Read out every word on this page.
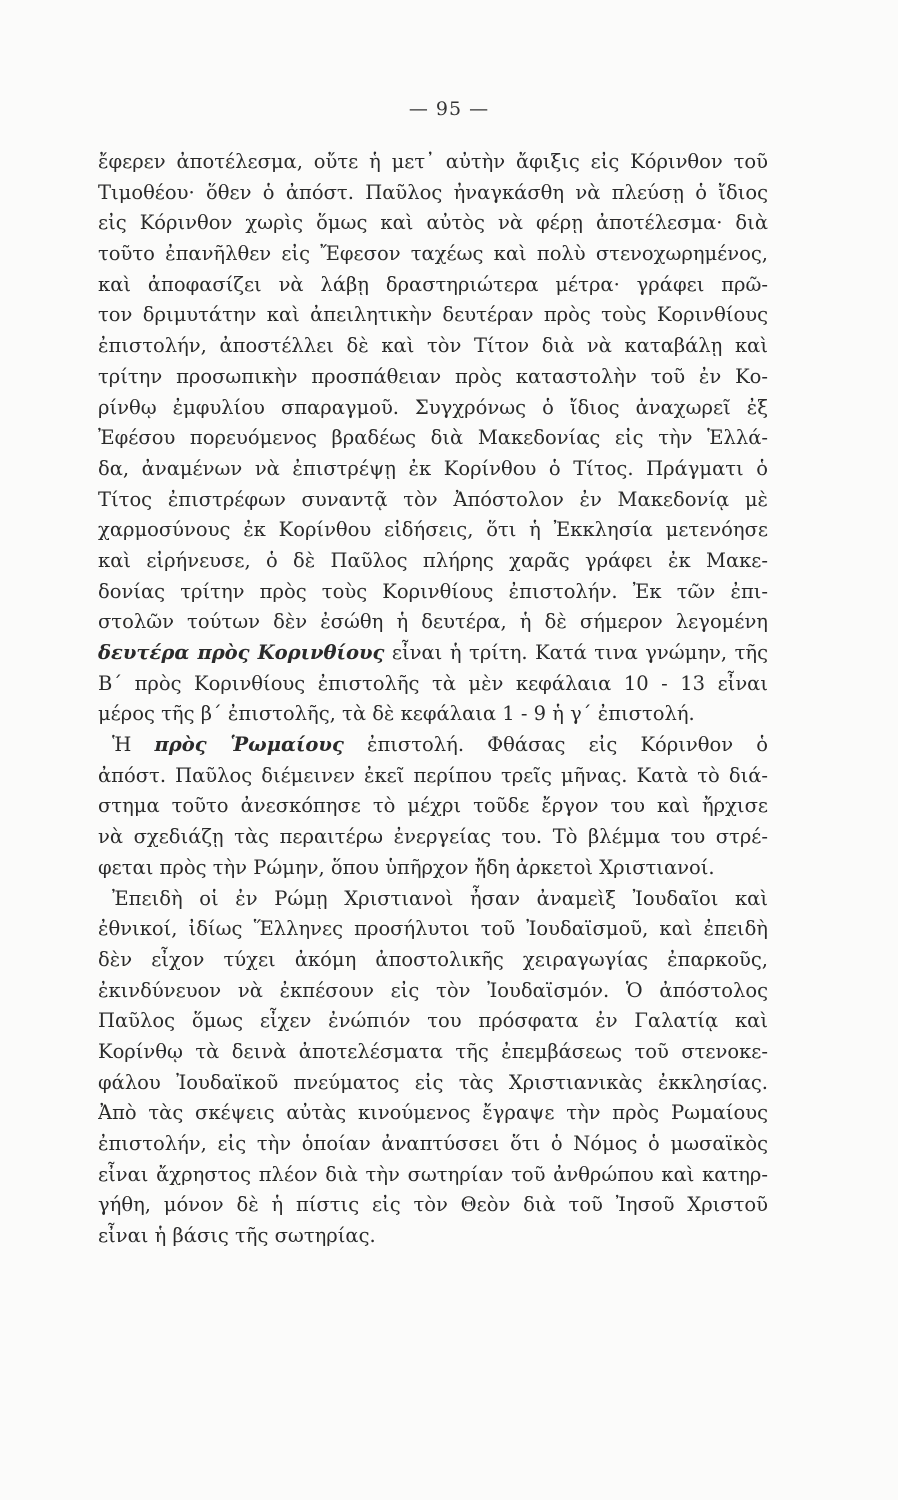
— 95 —
ἔφερεν ἀποτέλεσμα, οὔτε ἡ μετ᾽ αὐτὴν ἄφιξις εἰς Κόρινθον τοῦ
Τιμοθέου· ὅθεν ὁ ἀπόστ. Παῦλος ἠναγκάσθη νὰ πλεύσῃ ὁ ἴδιος
εἰς Κόρινθον χωρὶς ὅμως καὶ αὐτὸς νὰ φέρῃ ἀποτέλεσμα· διὰ
τοῦτο ἐπανῆλθεν εἰς Ἔφεσον ταχέως καὶ πολὺ στενοχωρημένος,
καὶ ἀποφασίζει νὰ λάβῃ δραστηριώτερα μέτρα· γράφει πρῶ-
τον δριμυτάτην καὶ ἀπειλητικὴν δευτέραν πρὸς τοὺς Κορινθίους
ἐπιστολήν, ἀποστέλλει δὲ καὶ τὸν Τίτον διὰ νὰ καταβάλῃ καὶ
τρίτην προσωπικὴν προσπάθειαν πρὸς καταστολὴν τοῦ ἐν Κο-
ρίνθῳ ἐμφυλίου σπαραγμοῦ. Συγχρόνως ὁ ἴδιος ἀναχωρεῖ ἐξ
Ἐφέσου πορευόμενος βραδέως διὰ Μακεδονίας εἰς τὴν Ἑλλά-
δα, ἀναμένων νὰ ἐπιστρέψῃ ἐκ Κορίνθου ὁ Τίτος. Πράγματι ὁ
Τίτος ἐπιστρέφων συναντᾷ τὸν Ἀπόστολον ἐν Μακεδονίᾳ μὲ
χαρμοσύνους ἐκ Κορίνθου εἰδήσεις, ὅτι ἡ Ἐκκλησία μετενόησε
καὶ εἰρήνευσε, ὁ δὲ Παῦλος πλήρης χαρᾶς γράφει ἐκ Μακε-
δονίας τρίτην πρὸς τοὺς Κορινθίους ἐπιστολήν. Ἐκ τῶν ἐπι-
στολῶν τούτων δὲν ἐσώθη ἡ δευτέρα, ἡ δὲ σήμερον λεγομένη
δευτέρα πρὸς Κορινθίους εἶναι ἡ τρίτη. Κατά τινα γνώμην, τῆς
Β΄ πρὸς Κορινθίους ἐπιστολῆς τὰ μὲν κεφάλαια 10 - 13 εἶναι
μέρος τῆς β΄ ἐπιστολῆς, τὰ δὲ κεφάλαια 1 - 9 ἡ γ΄ ἐπιστολή.
Ἡ πρὸς Ῥωμαίους ἐπιστολή. Φθάσας εἰς Κόρινθον ὁ
ἀπόστ. Παῦλος διέμεινεν ἐκεῖ περίπου τρεῖς μῆνας. Κατὰ τὸ διά-
στημα τοῦτο ἀνεσκόπησε τὸ μέχρι τοῦδε ἔργον του καὶ ἤρχισε
νὰ σχεδιάζῃ τὰς περαιτέρω ἐνεργείας του. Τὸ βλέμμα του στρέ-
φεται πρὸς τὴν Ρώμην, ὅπου ὑπῆρχον ἤδη ἀρκετοὶ Χριστιανοί.
Ἐπειδὴ οἱ ἐν Ρώμῃ Χριστιανοὶ ἦσαν ἀναμεὶξ Ἰουδαῖοι καὶ
ἐθνικοί, ἰδίως Ἕλληνες προσήλυτοι τοῦ Ἰουδαϊσμοῦ, καὶ ἐπειδὴ
δὲν εἶχον τύχει ἀκόμη ἀποστολικῆς χειραγωγίας ἐπαρκοῦς,
ἐκινδύνευον νὰ ἐκπέσουν εἰς τὸν Ἰουδαϊσμόν. Ὁ ἀπόστολος
Παῦλος ὅμως εἶχεν ἐνώπιόν του πρόσφατα ἐν Γαλατίᾳ καὶ
Κορίνθῳ τὰ δεινὰ ἀποτελέσματα τῆς ἐπεμβάσεως τοῦ στενοκε-
φάλου Ἰουδαϊκοῦ πνεύματος εἰς τὰς Χριστιανικὰς ἐκκλησίας.
Ἀπὸ τὰς σκέψεις αὐτὰς κινούμενος ἔγραψε τὴν πρὸς Ρωμαίους
ἐπιστολήν, εἰς τὴν ὁποίαν ἀναπτύσσει ὅτι ὁ Νόμος ὁ μωσαϊκὸς
εἶναι ἄχρηστος πλέον διὰ τὴν σωτηρίαν τοῦ ἀνθρώπου καὶ κατηρ-
γήθη, μόνον δὲ ἡ πίστις εἰς τὸν Θεὸν διὰ τοῦ Ἰησοῦ Χριστοῦ
εἶναι ἡ βάσις τῆς σωτηρίας.
